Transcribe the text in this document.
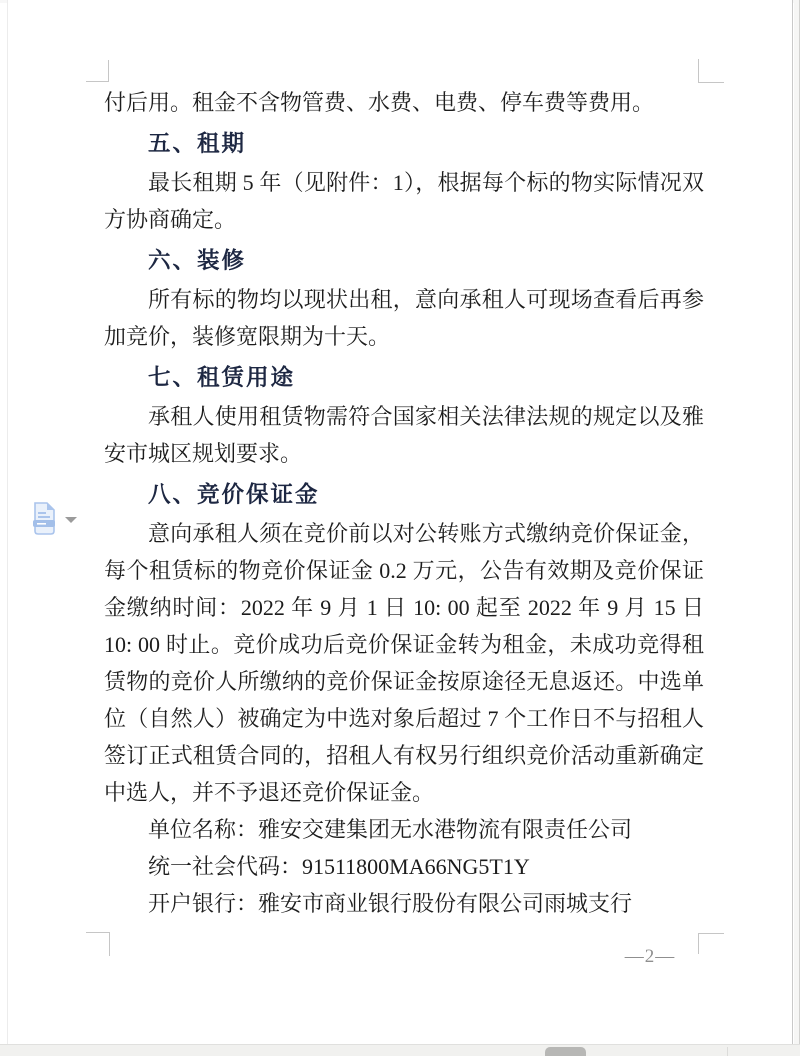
付后用。租金不含物管费、水费、电费、停车费等费用。
五、租期
最长租期 5 年（见附件：1），根据每个标的物实际情况双方协商确定。
六、装修
所有标的物均以现状出租，意向承租人可现场查看后再参加竞价，装修宽限期为十天。
七、租赁用途
承租人使用租赁物需符合国家相关法律法规的规定以及雅安市城区规划要求。
八、竞价保证金
意向承租人须在竞价前以对公转账方式缴纳竞价保证金，每个租赁标的物竞价保证金 0.2 万元，公告有效期及竞价保证金缴纳时间：2022 年 9 月 1 日 10: 00 起至 2022 年 9 月 15 日 10: 00 时止。竞价成功后竞价保证金转为租金，未成功竞得租赁物的竞价人所缴纳的竞价保证金按原途径无息返还。中选单位（自然人）被确定为中选对象后超过 7 个工作日不与招租人签订正式租赁合同的，招租人有权另行组织竞价活动重新确定中选人，并不予退还竞价保证金。
单位名称：雅安交建集团无水港物流有限责任公司
统一社会代码：91511800MA66NG5T1Y
开户银行：雅安市商业银行股份有限公司雨城支行
—2—
